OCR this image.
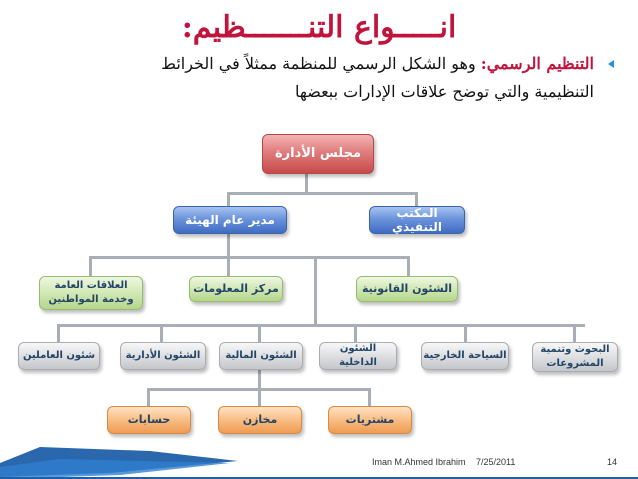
انـــــواع التنـــــــظيم:
التنظيم الرسمي: وهو الشكل الرسمي للمنظمة ممثلاً في الخرائط
التنظيمية والتي توضح علاقات الإدارات ببعضها
مجلس الأدارة
المكتب التنفيذي
مدير عام الهيئة
الشئون القانونية
مركز المعلومات
العلاقات العامة وخدمة المواطنين
البحوث وتنمية المشروعات
السياحة الخارجية
الشئون الداخلية
الشئون المالية
الشئون الأدارية
شئون العاملين
مشتريات
مخازن
حسابات
Iman M.Ahmed Ibrahim 7/25/2011	14
